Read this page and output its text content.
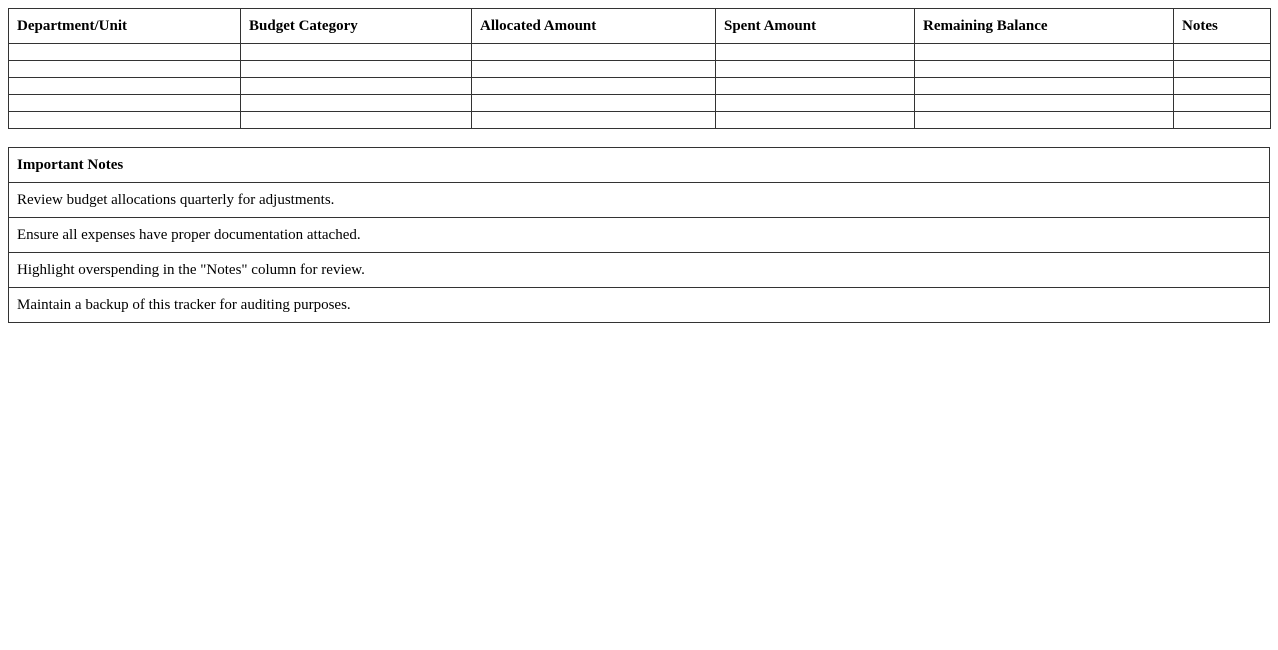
Department/Unit	Budget Category	Allocated Amount	Spent Amount	Remaining Balance	Notes

Important Notes
Review budget allocations quarterly for adjustments.
Ensure all expenses have proper documentation attached.
Highlight overspending in the "Notes" column for review.
Maintain a backup of this tracker for auditing purposes.
